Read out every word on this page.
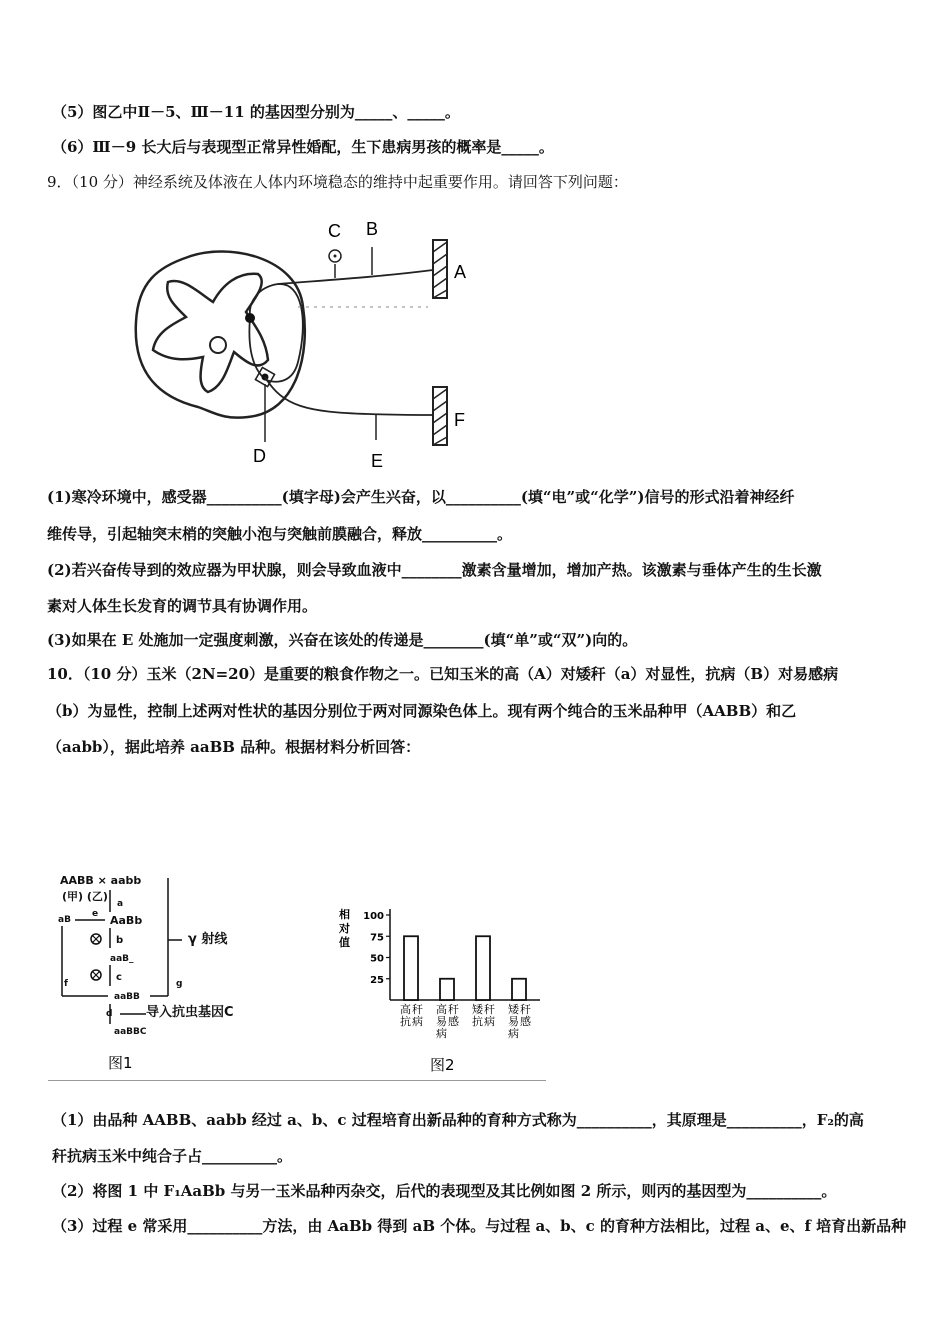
（5）图乙中Ⅱ－5、Ⅲ－11 的基因型分别为_____、_____。
（6）Ⅲ－9 长大后与表现型正常异性婚配，生下患病男孩的概率是_____。
9．（10 分）神经系统及体液在人体内环境稳态的维持中起重要作用。请回答下列问题：
C B
A
F
D	E
(1)寒冷环境中，感受器__________(填字母)会产生兴奋，以__________(填“电”或“化学”)信号的形式沿着神经纤
维传导，引起轴突末梢的突触小泡与突触前膜融合，释放__________。
(2)若兴奋传导到的效应器为甲状腺，则会导致血液中________激素含量增加，增加产热。该激素与垂体产生的生长激
素对人体生长发育的调节具有协调作用。
(3)如果在 E 处施加一定强度刺激，兴奋在该处的传递是________(填“单”或“双”)向的。
10．（10 分）玉米（2N=20）是重要的粮食作物之一。已知玉米的高（A）对矮秆（a）对显性，抗病（B）对易感病
（b）为显性，控制上述两对性状的基因分别位于两对同源染色体上。现有两个纯合的玉米品种甲（AABB）和乙
（aabb），据此培养 aaBB 品种。根据材料分析回答：
AABB × aabb
(甲) (乙)
a
AaBb
e
aB
b
aaB_
c
aaBB
f	g
d
aaBBC
γ 射线
导入抗虫基因C
图1
相
对
值
25
50
75
100
高 秆
抗 病
高 秆
易 感
病
矮 秆
抗 病
矮 秆
易 感
病
图2
（1）由品种 AABB、aabb 经过 a、b、c 过程培育出新品种的育种方式称为__________，其原理是__________，F₂的高
秆抗病玉米中纯合子占__________。
（2）将图 1 中 F₁AaBb 与另一玉米品种丙杂交，后代的表现型及其比例如图 2 所示，则丙的基因型为__________。
（3）过程 e 常采用__________方法，由 AaBb 得到 aB 个体。与过程 a、b、c 的育种方法相比，过程 a、e、f 培育出新品种
